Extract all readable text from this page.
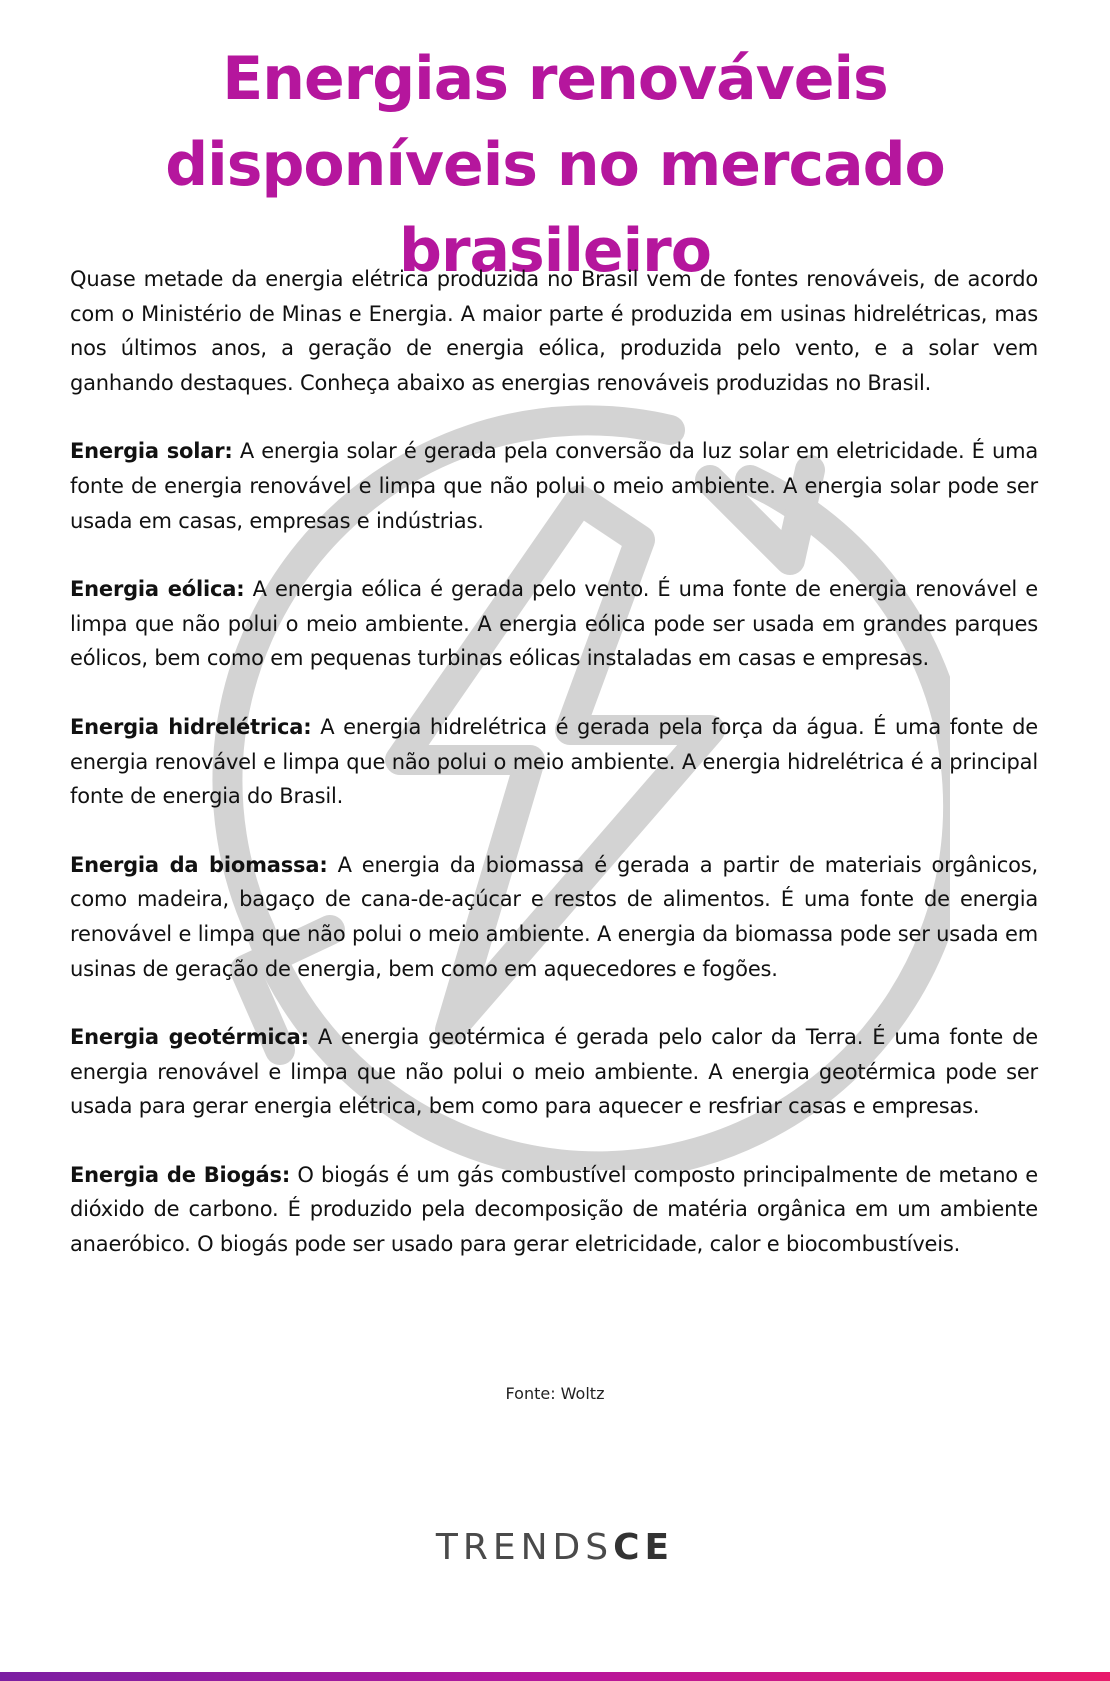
Energias renováveis disponíveis no mercado brasileiro

Quase metade da energia elétrica produzida no Brasil vem de fontes renováveis, de acordo com o Ministério de Minas e Energia. A maior parte é produzida em usinas hidrelétricas, mas nos últimos anos, a geração de energia eólica, produzida pelo vento, e a solar vem ganhando destaques. Conheça abaixo as energias renováveis produzidas no Brasil.

Energia solar: A energia solar é gerada pela conversão da luz solar em eletricidade. É uma fonte de energia renovável e limpa que não polui o meio ambiente. A energia solar pode ser usada em casas, empresas e indústrias.

Energia eólica: A energia eólica é gerada pelo vento. É uma fonte de energia renovável e limpa que não polui o meio ambiente. A energia eólica pode ser usada em grandes parques eólicos, bem como em pequenas turbinas eólicas instaladas em casas e empresas.

Energia hidrelétrica: A energia hidrelétrica é gerada pela força da água. É uma fonte de energia renovável e limpa que não polui o meio ambiente. A energia hidrelétrica é a principal fonte de energia do Brasil.

Energia da biomassa: A energia da biomassa é gerada a partir de materiais orgânicos, como madeira, bagaço de cana-de-açúcar e restos de alimentos. É uma fonte de energia renovável e limpa que não polui o meio ambiente. A energia da biomassa pode ser usada em usinas de geração de energia, bem como em aquecedores e fogões.

Energia geotérmica: A energia geotérmica é gerada pelo calor da Terra. É uma fonte de energia renovável e limpa que não polui o meio ambiente. A energia geotérmica pode ser usada para gerar energia elétrica, bem como para aquecer e resfriar casas e empresas.

Energia de Biogás: O biogás é um gás combustível composto principalmente de metano e dióxido de carbono. É produzido pela decomposição de matéria orgânica em um ambiente anaeróbico. O biogás pode ser usado para gerar eletricidade, calor e biocombustíveis.

Fonte: Woltz
TRENDSCE
